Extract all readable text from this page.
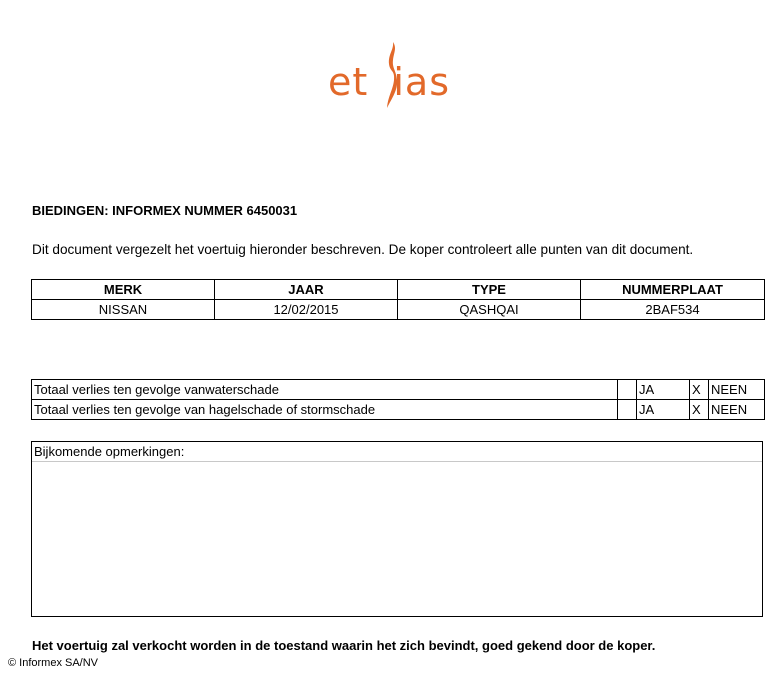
et ias
BIEDINGEN: INFORMEX NUMMER 6450031
Dit document vergezelt het voertuig hieronder beschreven. De koper controleert alle punten van dit document.
MERK	JAAR	TYPE	NUMMERPLAAT
NISSAN	12/02/2015	QASHQAI	2BAF534
Totaal verlies ten gevolge vanwaterschade		JA	X	NEEN
Totaal verlies ten gevolge van hagelschade of stormschade		JA	X	NEEN
Bijkomende opmerkingen:
Het voertuig zal verkocht worden in de toestand waarin het zich bevindt, goed gekend door de koper.
© Informex SA/NV
